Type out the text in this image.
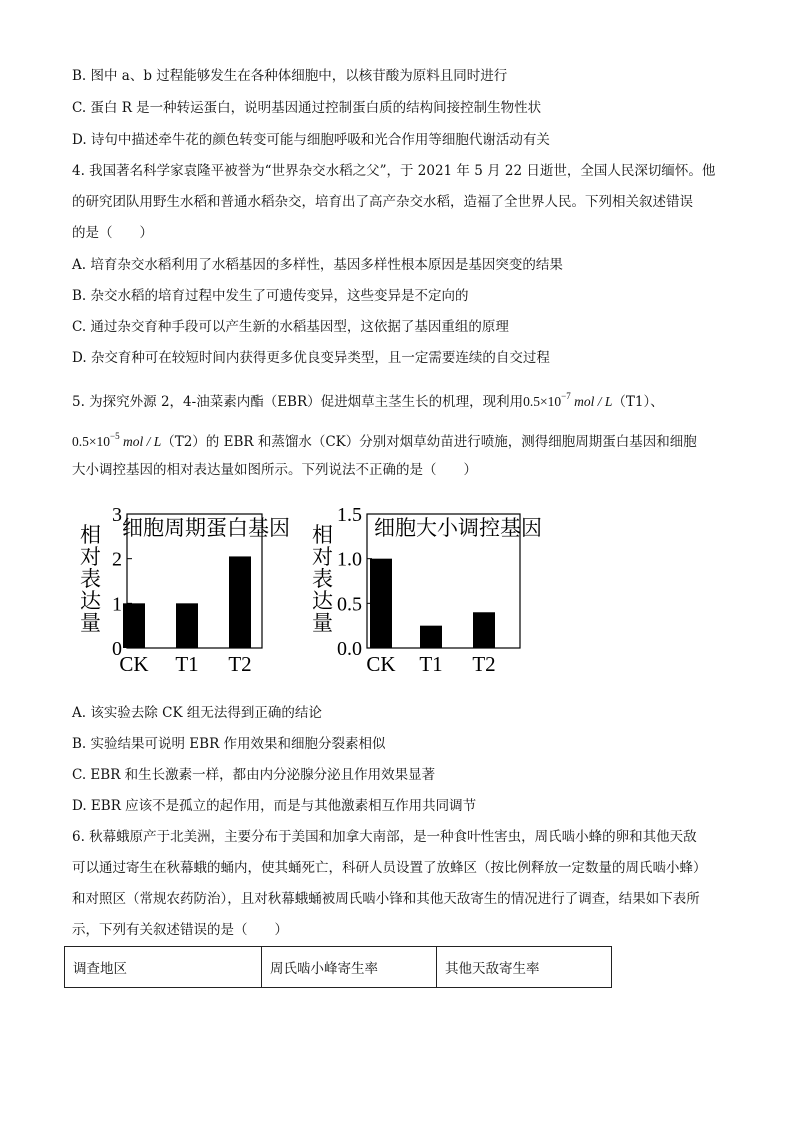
B. 图中 a、b 过程能够发生在各种体细胞中，以核苷酸为原料且同时进行
C. 蛋白 R 是一种转运蛋白，说明基因通过控制蛋白质的结构间接控制生物性状
D. 诗句中描述牵牛花的颜色转变可能与细胞呼吸和光合作用等细胞代谢活动有关
4. 我国著名科学家袁隆平被誉为“世界杂交水稻之父”，于 2021 年 5 月 22 日逝世，全国人民深切缅怀。他
的研究团队用野生水稻和普通水稻杂交，培育出了高产杂交水稻，造福了全世界人民。下列相关叙述错误
的是（　　）
A. 培育杂交水稻利用了水稻基因的多样性，基因多样性根本原因是基因突变的结果
B. 杂交水稻的培育过程中发生了可遗传变异，这些变异是不定向的
C. 通过杂交育种手段可以产生新的水稻基因型，这依据了基因重组的原理
D. 杂交育种可在较短时间内获得更多优良变异类型，且一定需要连续的自交过程
5. 为探究外源 2，4-油菜素内酯（EBR）促进烟草主茎生长的机理，现利用$0.5\times 10^{-7}$ mol / L（T1）、
$0.5\times 10^{-5}$ mol / L（T2）的 EBR 和蒸馏水（CK）分别对烟草幼苗进行喷施，测得细胞周期蛋白基因和细胞
大小调控基因的相对表达量如图所示。下列说法不正确的是（　　）
细胞周期蛋白基因
0
1
2
3
相
对
表
达
量
CK T1 T2
细胞大小调控基因
0.0
0.5
1.0
1.5
相
对
表
达
量
CK T1 T2
A. 该实验去除 CK 组无法得到正确的结论
B. 实验结果可说明 EBR 作用效果和细胞分裂素相似
C. EBR 和生长激素一样，都由内分泌腺分泌且作用效果显著
D. EBR 应该不是孤立的起作用，而是与其他激素相互作用共同调节
6. 秋幕蛾原产于北美洲，主要分布于美国和加拿大南部，是一种食叶性害虫，周氏啮小蜂的卵和其他天敌
可以通过寄生在秋幕蛾的蛹内，使其蛹死亡，科研人员设置了放蜂区（按比例释放一定数量的周氏啮小蜂）
和对照区（常规农药防治），且对秋幕蛾蛹被周氏啮小锋和其他天敌寄生的情况进行了调查，结果如下表所
示，下列有关叙述错误的是（　　）
调查地区	周氏啮小峰寄生率	其他天敌寄生率
